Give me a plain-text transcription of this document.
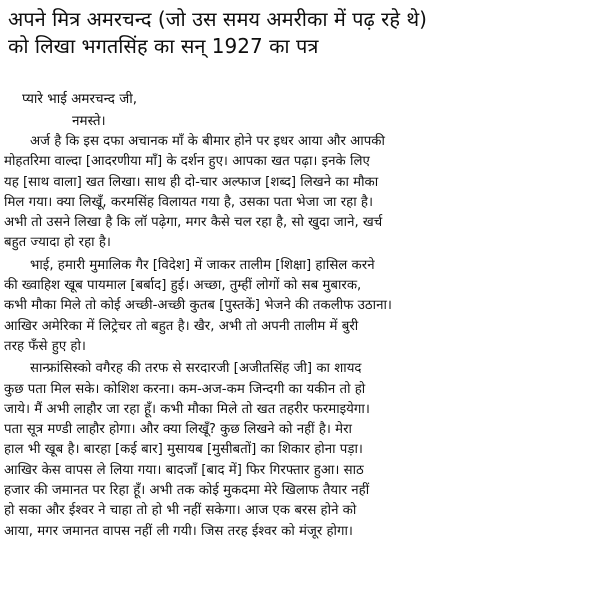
अपने मित्र अमरचन्द (जो उस समय अमरीका में पढ़ रहे थे)
को लिखा भगतसिंह का सन् 1927 का पत्र
प्यारे भाई अमरचन्द जी,
नमस्ते।
अर्ज है कि इस दफा अचानक माँ के बीमार होने पर इधर आया और आपकी
मोहतरिमा वाल्दा [आदरणीया माँ] के दर्शन हुए। आपका खत पढ़ा। इनके लिए
यह [साथ वाला] खत लिखा। साथ ही दो-चार अल्फाज [शब्द] लिखने का मौका
मिल गया। क्या लिखूँ, करमसिंह विलायत गया है, उसका पता भेजा जा रहा है।
अभी तो उसने लिखा है कि लॉ पढ़ेगा, मगर कैसे चल रहा है, सो खुदा जाने, खर्च
बहुत ज्यादा हो रहा है।
भाई, हमारी मुमालिक गैर [विदेश] में जाकर तालीम [शिक्षा] हासिल करने
की ख्वाहिश खूब पायमाल [बर्बाद] हुई। अच्छा, तुम्हीं लोगों को सब मुबारक,
कभी मौका मिले तो कोई अच्छी-अच्छी कुतब [पुस्तकें] भेजने की तकलीफ उठाना।
आखिर अमेरिका में लिट्रेचर तो बहुत है। खैर, अभी तो अपनी तालीम में बुरी
तरह फँसे हुए हो।
सान्फ्रांसिस्को वगैरह की तरफ से सरदारजी [अजीतसिंह जी] का शायद
कुछ पता मिल सके। कोशिश करना। कम-अज-कम जिन्दगी का यकीन तो हो
जाये। मैं अभी लाहौर जा रहा हूँ। कभी मौका मिले तो खत तहरीर फरमाइयेगा।
पता सूत्र मण्डी लाहौर होगा। और क्या लिखूँ? कुछ लिखने को नहीं है। मेरा
हाल भी खूब है। बारहा [कई बार] मुसायब [मुसीबतों] का शिकार होना पड़ा।
आखिर केस वापस ले लिया गया। बादजाँ [बाद में] फिर गिरफ्तार हुआ। साठ
हजार की जमानत पर रिहा हूँ। अभी तक कोई मुकदमा मेरे खिलाफ तैयार नहीं
हो सका और ईश्वर ने चाहा तो हो भी नहीं सकेगा। आज एक बरस होने को
आया, मगर जमानत वापस नहीं ली गयी। जिस तरह ईश्वर को मंजूर होगा।
